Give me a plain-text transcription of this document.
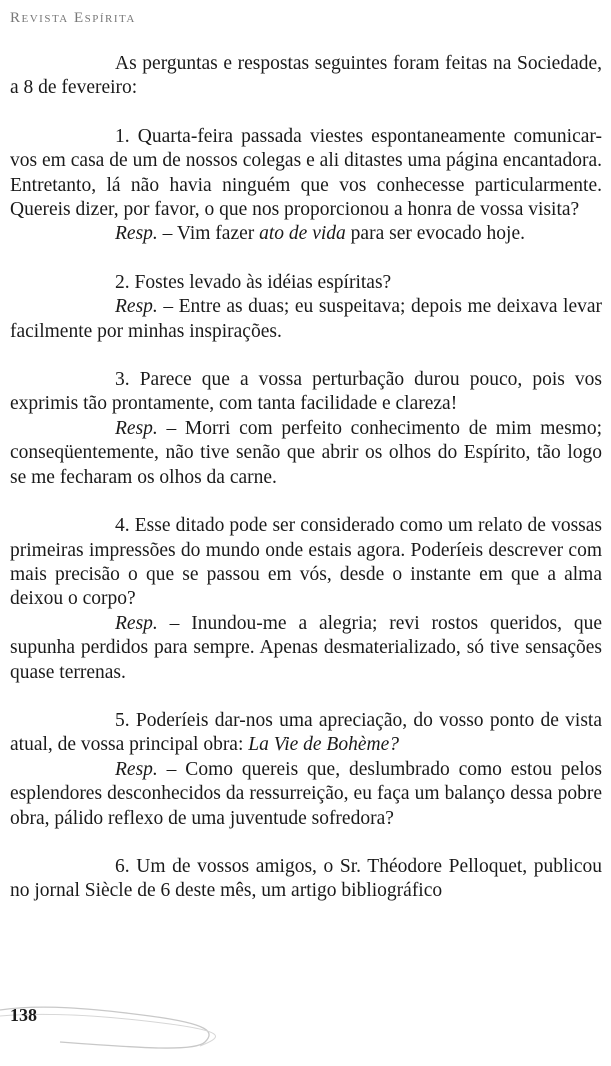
Revista Espírita

As perguntas e respostas seguintes foram feitas na Sociedade, a 8 de fevereiro:

1. Quarta-feira passada viestes espontaneamente comunicar-vos em casa de um de nossos colegas e ali ditastes uma página encantadora. Entretanto, lá não havia ninguém que vos conhecesse particularmente. Quereis dizer, por favor, o que nos proporcionou a honra de vossa visita?

Resp. – Vim fazer ato de vida para ser evocado hoje.

2. Fostes levado às idéias espíritas?

Resp. – Entre as duas; eu suspeitava; depois me deixava levar facilmente por minhas inspirações.

3. Parece que a vossa perturbação durou pouco, pois vos exprimis tão prontamente, com tanta facilidade e clareza!

Resp. – Morri com perfeito conhecimento de mim mesmo; conseqüentemente, não tive senão que abrir os olhos do Espírito, tão logo se me fecharam os olhos da carne.

4. Esse ditado pode ser considerado como um relato de vossas primeiras impressões do mundo onde estais agora. Poderíeis descrever com mais precisão o que se passou em vós, desde o instante em que a alma deixou o corpo?

Resp. – Inundou-me a alegria; revi rostos queridos, que supunha perdidos para sempre. Apenas desmaterializado, só tive sensações quase terrenas.

5. Poderíeis dar-nos uma apreciação, do vosso ponto de vista atual, de vossa principal obra: La Vie de Bohème?

Resp. – Como quereis que, deslumbrado como estou pelos esplendores desconhecidos da ressurreição, eu faça um balanço dessa pobre obra, pálido reflexo de uma juventude sofredora?

6. Um de vossos amigos, o Sr. Théodore Pelloquet, publicou no jornal Siècle de 6 deste mês, um artigo bibliográfico

138
